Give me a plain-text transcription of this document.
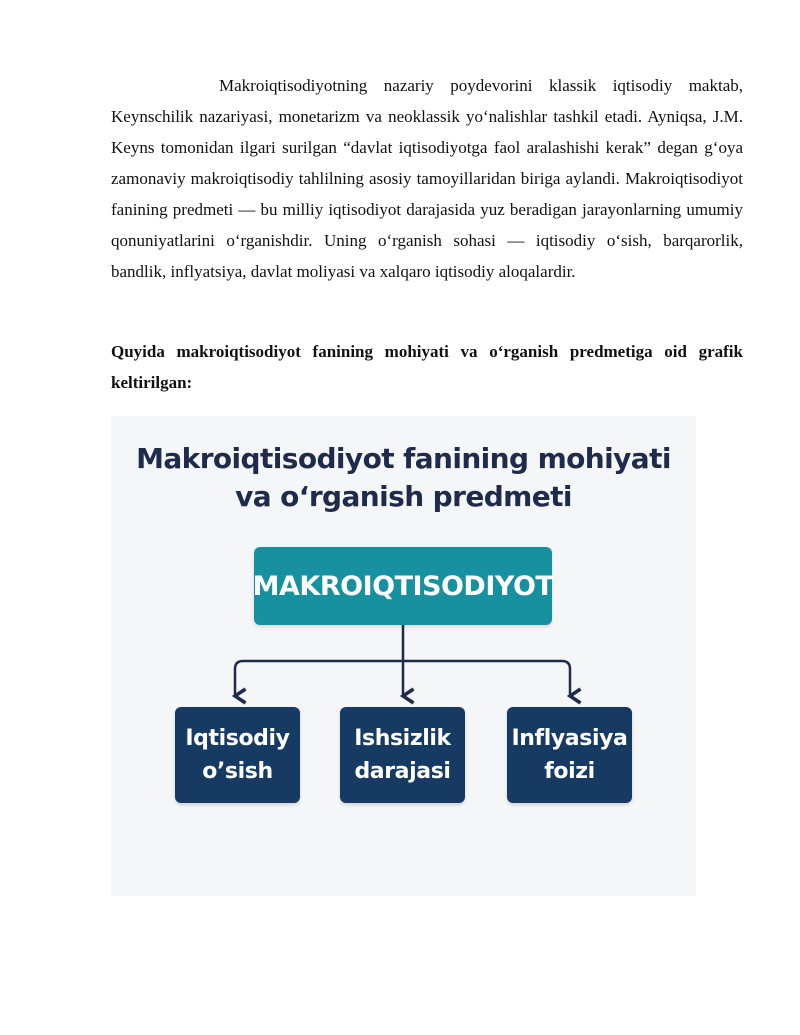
Makroiqtisodiyotning nazariy poydevorini klassik iqtisodiy maktab, Keynschilik nazariyasi, monetarizm va neoklassik yo‘nalishlar tashkil etadi. Ayniqsa, J.M. Keyns tomonidan ilgari surilgan “davlat iqtisodiyotga faol aralashishi kerak” degan g‘oya zamonaviy makroiqtisodiy tahlilning asosiy tamoyillaridan biriga aylandi. Makroiqtisodiyot fanining predmeti — bu milliy iqtisodiyot darajasida yuz beradigan jarayonlarning umumiy qonuniyatlarini o‘rganishdir. Uning o‘rganish sohasi — iqtisodiy o‘sish, barqarorlik, bandlik, inflyatsiya, davlat moliyasi va xalqaro iqtisodiy aloqalardir.

Quyida makroiqtisodiyot fanining mohiyati va o‘rganish predmetiga oid grafik keltirilgan:

Makroiqtisodiyot fanining mohiyati
va o‘rganish predmeti

MAKROIQTISODIYOT
Iqtisodiy
o’sish
Ishsizlik
darajasi
Inflyasiya
foizi
